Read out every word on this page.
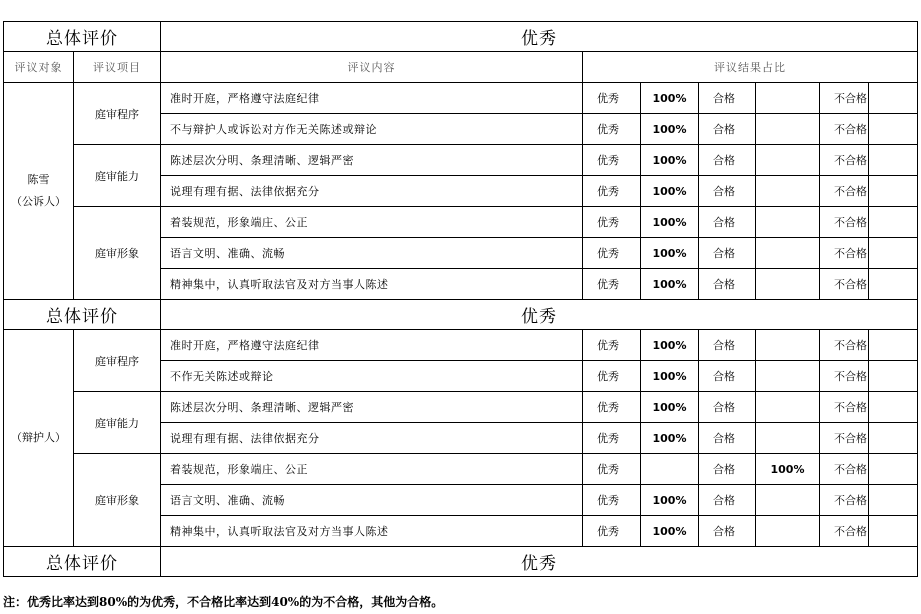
总体评价		优秀						
评议对象	评议项目	评议内容	评议结果占比					

陈雪
（公诉人）	庭审程序	准时开庭，严格遵守法庭纪律	优秀	100%	合格		不合格	
		不与辩护人或诉讼对方作无关陈述或辩论	优秀	100%	合格		不合格	
	庭审能力	陈述层次分明、条理清晰、逻辑严密	优秀	100%	合格		不合格	
		说理有理有据、法律依据充分	优秀	100%	合格		不合格	
	庭审形象	着装规范，形象端庄、公正	优秀	100%	合格		不合格	
		语言文明、准确、流畅	优秀	100%	合格		不合格	
		精神集中，认真听取法官及对方当事人陈述	优秀	100%	合格		不合格	
总体评价		优秀						

（辩护人）	庭审程序	准时开庭，严格遵守法庭纪律	优秀	100%	合格		不合格	
		不作无关陈述或辩论	优秀	100%	合格		不合格	
	庭审能力	陈述层次分明、条理清晰、逻辑严密	优秀	100%	合格		不合格	
		说理有理有据、法律依据充分	优秀	100%	合格		不合格	
	庭审形象	着装规范，形象端庄、公正	优秀		合格	100%	不合格	
		语言文明、准确、流畅	优秀	100%	合格		不合格	
		精神集中，认真听取法官及对方当事人陈述	优秀	100%	合格		不合格	
总体评价		优秀						
注：优秀比率达到80%的为优秀，不合格比率达到40%的为不合格，其他为合格。
